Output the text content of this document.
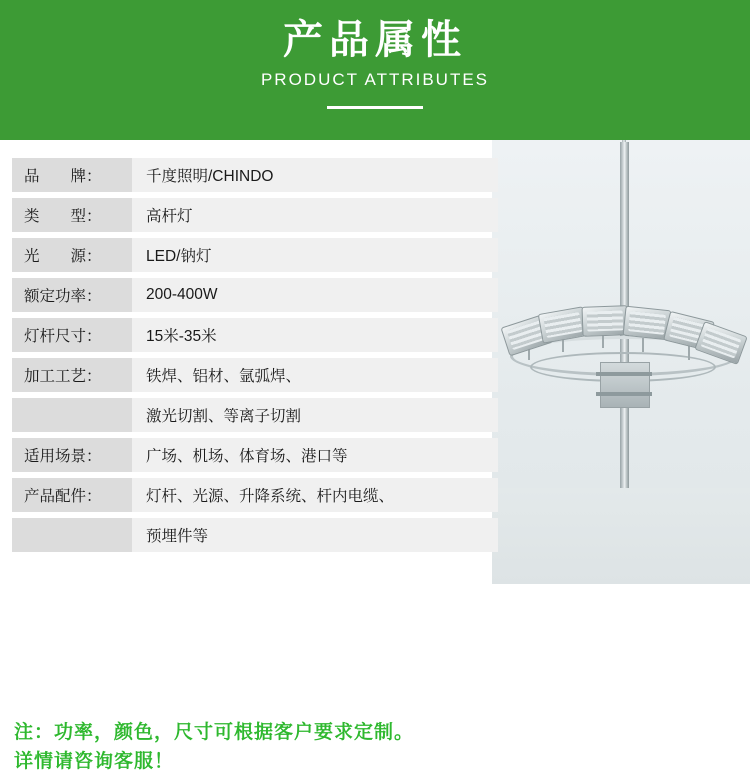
产品属性
PRODUCT ATTRIBUTES
品　　牌：	千度照明/CHINDO
类　　型：	高杆灯
光　　源：	LED/钠灯
额定功率：	200-400W
灯杆尺寸：	15米-35米
加工工艺：	铁焊、铝材、氩弧焊、
激光切割、等离子切割
适用场景：	广场、机场、体育场、港口等
产品配件：	灯杆、光源、升降系统、杆内电缆、
预埋件等
注：功率，颜色，尺寸可根据客户要求定制。
详情请咨询客服！
